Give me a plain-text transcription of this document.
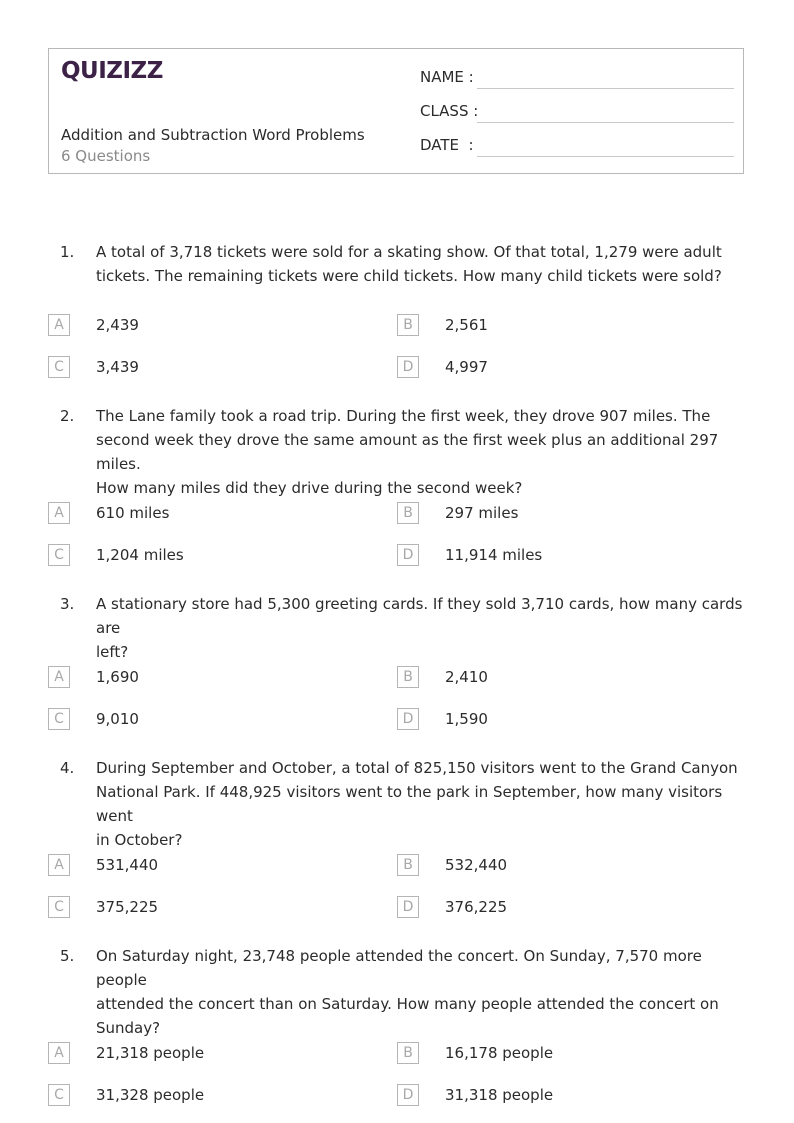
QUIZIZZ
Addition and Subtraction Word Problems
6 Questions
NAME :
CLASS :
DATE  :
1. A total of 3,718 tickets were sold for a skating show. Of that total, 1,279 were adult
tickets. The remaining tickets were child tickets. How many child tickets were sold?
A	2,439	B	2,561
C	3,439	D	4,997
2. The Lane family took a road trip. During the first week, they drove 907 miles. The
second week they drove the same amount as the first week plus an additional 297 miles.
How many miles did they drive during the second week?
A	610 miles	B	297 miles
C	1,204 miles	D	11,914 miles
3. A stationary store had 5,300 greeting cards. If they sold 3,710 cards, how many cards are
left?
A	1,690	B	2,410
C	9,010	D	1,590
4. During September and October, a total of 825,150 visitors went to the Grand Canyon
National Park. If 448,925 visitors went to the park in September, how many visitors went
in October?
A	531,440	B	532,440
C	375,225	D	376,225
5. On Saturday night, 23,748 people attended the concert. On Sunday, 7,570 more people
attended the concert than on Saturday. How many people attended the concert on
Sunday?
A	21,318 people	B	16,178 people
C	31,328 people	D	31,318 people
